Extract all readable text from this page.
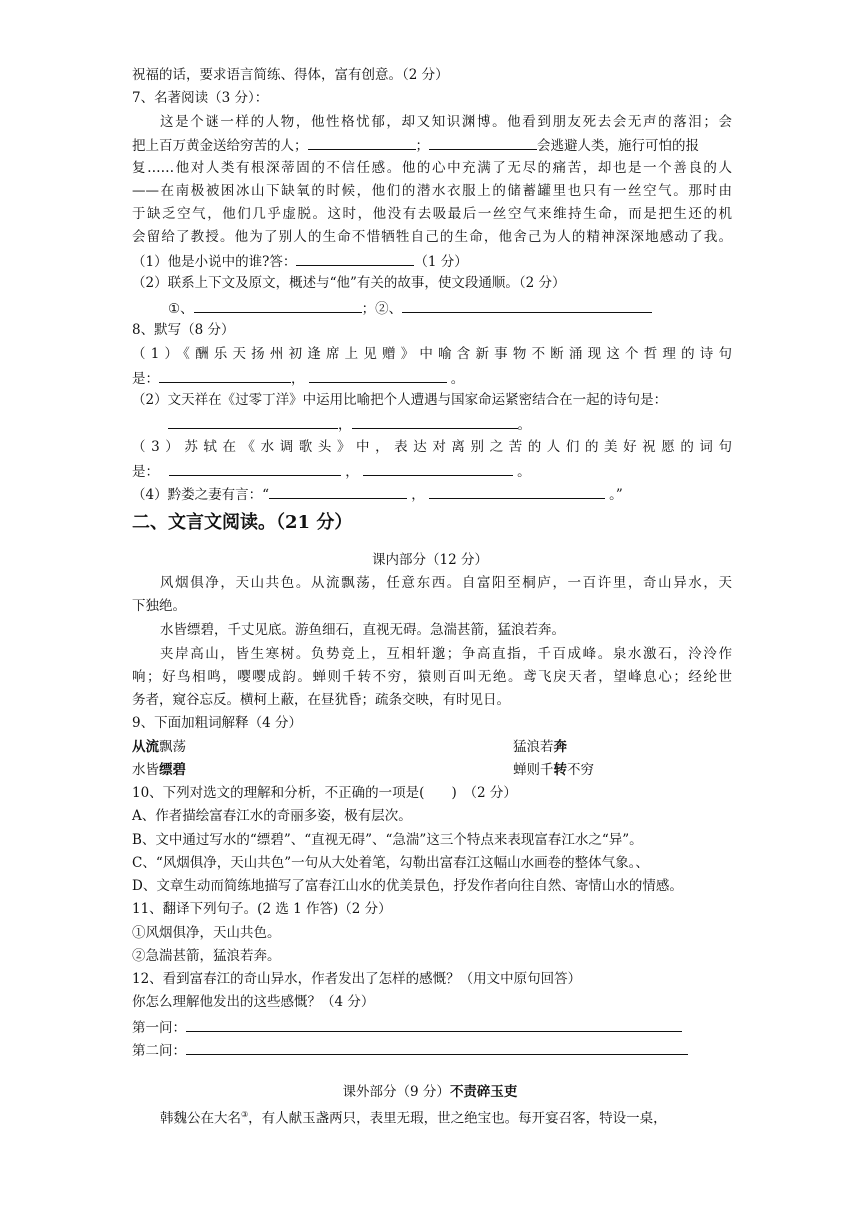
祝福的话，要求语言简练、得体，富有创意。（2 分）
7、名著阅读（3 分）：
这是个谜一样的人物，他性格忧郁，却又知识渊博。他看到朋友死去会无声的落泪；会
把上百万黄金送给穷苦的人；	；	会逃避人类，施行可怕的报
复……他对人类有根深蒂固的不信任感。他的心中充满了无尽的痛苦，却也是一个善良的人
——在南极被困冰山下缺氧的时候，他们的潜水衣服上的储蓄罐里也只有一丝空气。那时由
于缺乏空气，他们几乎虚脱。这时，他没有去吸最后一丝空气来维持生命，而是把生还的机
会留给了教授。他为了别人的生命不惜牺牲自己的生命，他舍己为人的精神深深地感动了我。
（1）他是小说中的谁?答：	（1 分）
（2）联系上下文及原文，概述与“他”有关的故事，使文段通顺。（2 分）
①、	；②、
8、默写（8 分）
（1）《酬乐天扬州初逢席上见赠》中喻含新事物不断涌现这个哲理的诗句
是：	，	。
（2）文天祥在《过零丁洋》中运用比喻把个人遭遇与国家命运紧密结合在一起的诗句是：
，	。
（3）苏轼在《水调歌头》中，表达对离别之苦的人们的美好祝愿的词句
是：	，	。
（4）黔娄之妻有言：“	，	。”
二、文言文阅读。（21 分）
课内部分（12 分）
风烟俱净，天山共色。从流飘荡，任意东西。自富阳至桐庐，一百许里，奇山异水，天
下独绝。
水皆缥碧，千丈见底。游鱼细石，直视无碍。急湍甚箭，猛浪若奔。
夹岸高山，皆生寒树。负势竞上，互相轩邈；争高直指，千百成峰。泉水激石，泠泠作
响；好鸟相鸣，嘤嘤成韵。蝉则千转不穷，猿则百叫无绝。鸢飞戾天者，望峰息心；经纶世
务者，窥谷忘反。横柯上蔽，在昼犹昏；疏条交映，有时见日。
9、下面加粗词解释（4 分）
从流飘荡	猛浪若奔
水皆缥碧	蝉则千转不穷
10、下列对选文的理解和分析，不正确的一项是(　　)　（2 分）
A、作者描绘富春江水的奇丽多姿，极有层次。
B、文中通过写水的“缥碧”、“直视无碍”、“急湍”这三个特点来表现富春江水之“异”。
C、“风烟俱净，天山共色”一句从大处着笔，勾勒出富春江这幅山水画卷的整体气象。、
D、文章生动而简练地描写了富春江山水的优美景色，抒发作者向往自然、寄情山水的情感。
11、翻译下列句子。(2 选 1 作答)（2 分）
①风烟俱净，天山共色。
②急湍甚箭，猛浪若奔。
12、看到富春江的奇山异水，作者发出了怎样的感慨？（用文中原句回答）
你怎么理解他发出的这些感慨？（4 分）
第一问：
第二问：
课外部分（9 分）不责碎玉吏
韩魏公在大名③，有人献玉盏两只，表里无瑕，世之绝宝也。每开宴召客，特设一桌，
